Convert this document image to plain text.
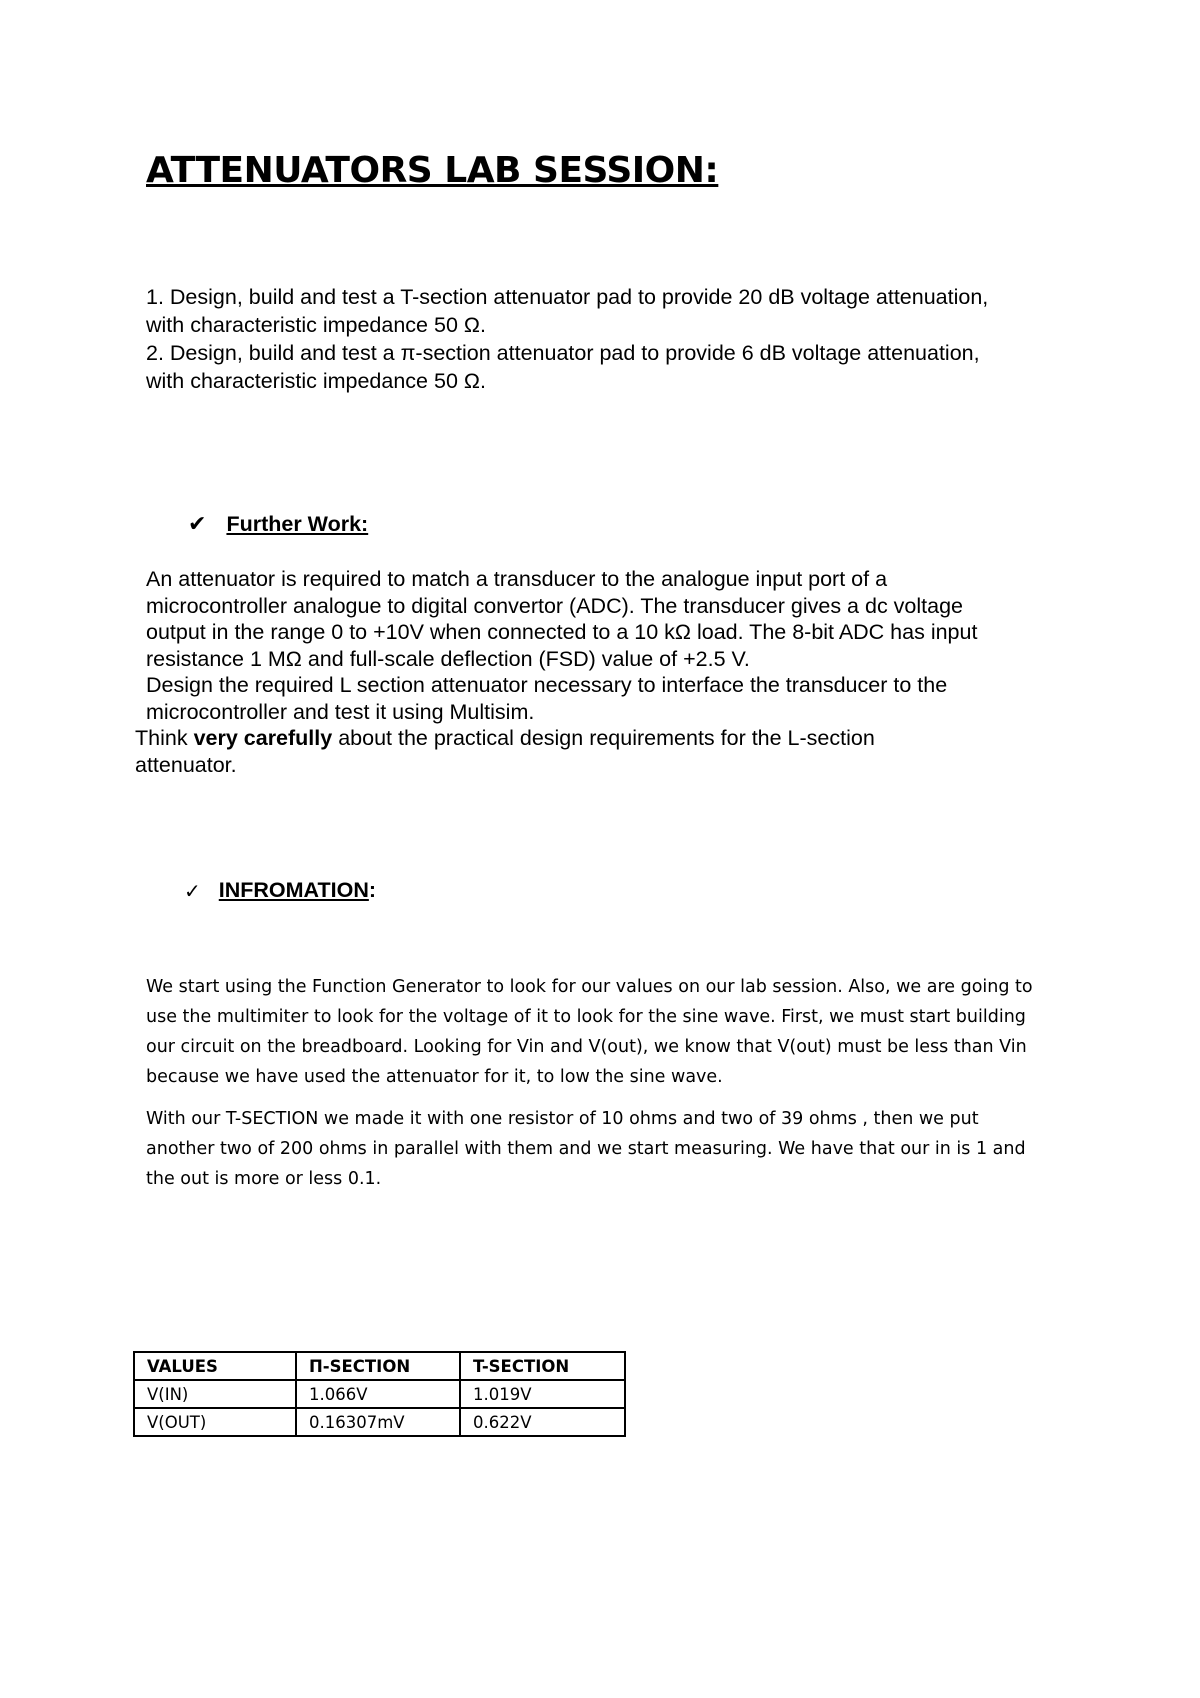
ATTENUATORS LAB SESSION:
1. Design, build and test a T-section attenuator pad to provide 20 dB voltage attenuation,
with characteristic impedance 50 Ω.
2. Design, build and test a π-section attenuator pad to provide 6 dB voltage attenuation,
with characteristic impedance 50 Ω.
✔ Further Work:
An attenuator is required to match a transducer to the analogue input port of a
microcontroller analogue to digital convertor (ADC). The transducer gives a dc voltage
output in the range 0 to +10V when connected to a 10 kΩ load. The 8-bit ADC has input
resistance 1 MΩ and full-scale deflection (FSD) value of +2.5 V.
Design the required L section attenuator necessary to interface the transducer to the
microcontroller and test it using Multisim.
Think very carefully about the practical design requirements for the L-section
attenuator.
✓ INFROMATION:
We start using the Function Generator to look for our values on our lab session. Also, we are going to
use the multimiter to look for the voltage of it to look for the sine wave. First, we must start building
our circuit on the breadboard. Looking for Vin and V(out), we know that V(out) must be less than Vin
because we have used the attenuator for it, to low the sine wave.
With our T-SECTION we made it with one resistor of 10 ohms and two of 39 ohms , then we put
another two of 200 ohms in parallel with them and we start measuring. We have that our in is 1 and
the out is more or less 0.1.
VALUES	Π-SECTION	T-SECTION
V(IN)	1.066V	1.019V
V(OUT)	0.16307mV	0.622V
